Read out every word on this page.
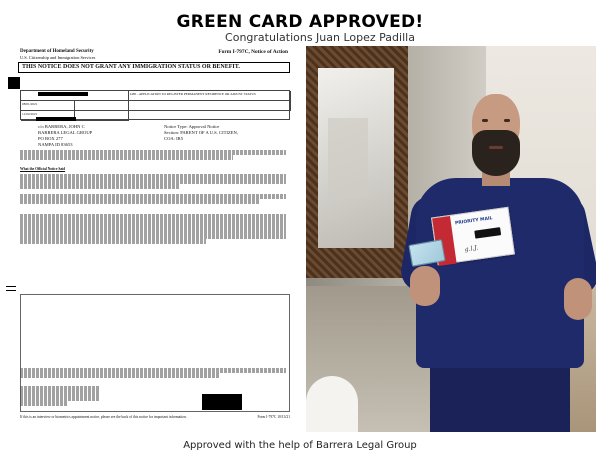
GREEN CARD APPROVED!
Congratulations Juan Lopez Padilla
Department of Homeland Security
U.S. Citizenship and Immigration Services
Form I-797C, Notice of Action
THIS NOTICE DOES NOT GRANT ANY IMMIGRATION STATUS OR BENEFIT.
I485 - APPLICATION TO REGISTER PERMANENT RESIDENCE OR ADJUST STATUS
08/01/2021
11/02/2021
c/o BARRERA, JOHN C
BARRERA LEGAL GROUP
PO BOX 277
NAMPA ID 83653
Notice Type: Approval Notice
Section: PARENT OF A U.S. CITIZEN,
COA: IR5
What the Official Notice Said
If this is an interview or biometrics appointment notice, please see the back of this notice for important information.	Form I-797C 10/13/21
PRIORITY MAIL
g.l.J.
Approved with the help of Barrera Legal Group
